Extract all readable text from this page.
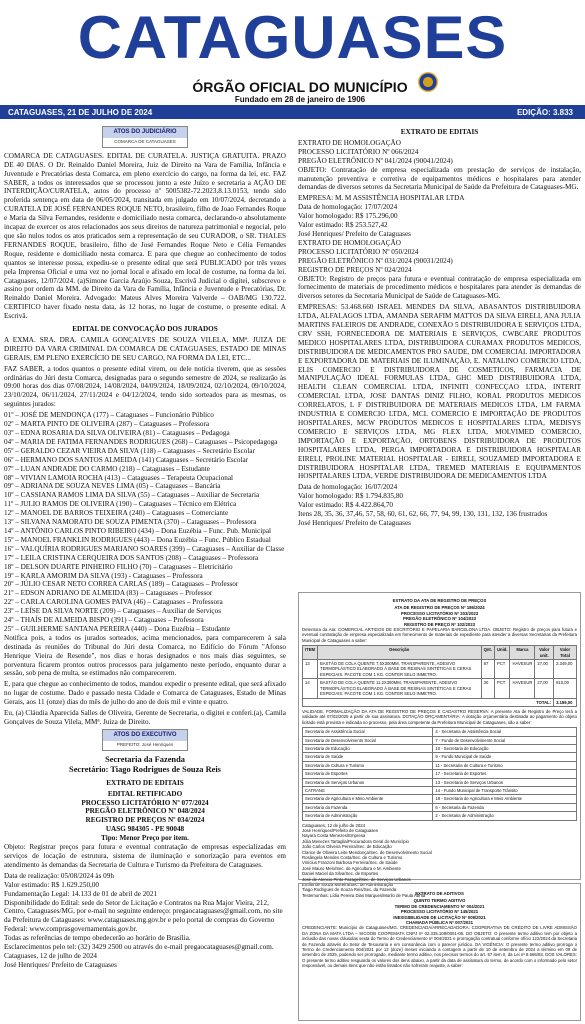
CATAGUASES
ÓRGÃO OFICIAL DO MUNICÍPIO
Fundado em 28 de janeiro de 1906
CATAGUASES, 21 DE JULHO DE 2024	EDIÇÃO: 3.833
ATOS DO JUDICIÁRIO
COMARCA DE CATAGUASES

COMARCA DE CATAGUASES. EDITAL DE CURATELA. JUSTIÇA GRATUITA. PRAZO DE 40 DIAS. O Dr. Reinaldo Daniel Moreira, Juiz de Direito na Vara de Família, Infância e Juventude e Precatórias desta Comarca, em pleno exercício do cargo, na forma da lei, etc. FAZ SABER, a todos os interessados que se processou junto a este Juízo e secretaria a AÇÃO DE INTERDIÇÃO/CURATELA, autos do processo nº 5005382-72.2023.8.13.0153, tendo sido proferida sentença em data de 06/05/2024, transitada em julgado em 10/07/2024, decretando a CURATELA DE JOSÉ FERNANDES ROQUE NETO, brasileiro, filho de Joao Fernandes Roque e Maria da Silva Fernandes, residente e domiciliado nesta comarca, declarando-o absolutamente incapaz de exercer os atos relacionados aos seus direitos de natureza patrimonial e negocial, pelo que são nulos todos os atos praticados sem a representação de seu CURADOR, o SR. THALES FERNANDES ROQUE, brasileiro, filho de José Fernandes Roque Neto e Célia Fernandes Roque, residente e domiciliado nesta comarca. E para que chegue ao conhecimento de todos quantos se interesse possa, expediu-se o presente edital que será PUBLICADO por três vezes pela Imprensa Oficial e uma vez no jornal local e afixado em local de costume, na forma da lei. Cataguases, 12/07/2024. (a)Simone Garcia Araújo Souza, Escrivã Judicial o digitei, subscrevo e assino por ordem da MM. de Direito da Vara de Família, Infância e Juventude e Precatórias, Dr. Reinaldo Daniel Moreira. Advogado: Mateus Alves Moreira Valverde – OAB/MG 130.722. CERTIFICO haver fixado nesta data, às 12 horas, no lugar de costume, o presente edital. A Escrivã.

EDITAL DE CONVOCAÇÃO DOS JURADOS

A EXMA. SRA. DRA. CAMILA GONÇALVES DE SOUZA VILELA, MMª. JUIZA DE DIREITO DA VARA CRIMINAL DA COMARCA DE CATAGUASES, ESTADO DE MINAS GERAIS, EM PLENO EXERCÍCIO DE SEU CARGO, NA FORMA DA LEI, ETC...

FAZ SABER, a todos quantos o presente edital virem, ou dele notícia tiverem, que as sessões ordinárias do Júri desta Comarca, designadas para o segundo semestre de 2024, se realizarão às 09:00 horas dos dias 07/08/2024, 14/08/2024, 04/09/2024, 18/09/2024, 02/10/2024, 09/10/2024, 23/10/2024, 06/11/2024, 27/11/2024 e 04/12/2024, tendo sido sorteados para as mesmas, os seguintes jurados:

01º – JOSÉ DE MENDONÇA (177) – Cataguases – Funcionário Público
02º – MARTA PINTO DE OLIVEIRA (287) – Cataguases – Professora
03º – EDNA ROSARIA DA SILVA OLIVEIRA (81) – Cataguases – Pedagoga
04º – MARIA DE FATIMA FERNANDES RODRIGUES (268) – Cataguases – Psicopedagoga
05º – GERALDO CEZAR VIEIRA DA SILVA (118) – Cataguases – Secretário Escolar
06º – HERMANO DOS SANTOS ALMEIDA (141) Cataguases – Secretário Escolar
07º – LUAN ANDRADE DO CARMO (218) – Cataguases – Estudante
08º – VIVIAN LAMOIA ROCHA (413) – Cataguases – Terapeuta Ocupacional
09º – ADRIANA DE SOUZA NEVES LIMA (05) – Cataguases – Bancária
10º – CASSIANA RAMOS LIMA DA SILVA (55) – Cataguases – Auxiliar de Secretaria
11º – JULIO RAMOS DE OLIVEIRA (190) – Cataguases – Técnico em Elétrica
12º – MANOEL DE BARROS TEIXEIRA (240) – Cataguases – Comerciante
13º – SILVANA NAMORATO DE SOUZA PIMENTA (370) – Cataguases – Professora
14º – ANTÔNIO CARLOS PINTO RIBEIRO (434) – Dona Euzébia – Func. Pub. Municipal
15º – MANOEL FRANKLIN RODRIGUES (443) – Dona Euzébia – Func. Público Estadual
16º – VALQUÍRIA RODRIGUES MARIANO SOARES (399) – Cataguases – Auxiliar de Classe
17º – LEILA CRISTINA CERQUEIRA DOS SANTOS (208) – Cataguases – Professora
18º – DELSON DUARTE PINHEIRO FILHO (70) – Cataguases – Eletricitário
19º – KARLA AMORIM DA SILVA (193) - Cataguases – Professora
20º – JÚLIO CESAR NETO CORREA CARLAS (189) – Cataguases – Professor
21º – EDSON ADRIANO DE ALMEIDA (83) – Cataguases – Professor
22º – CARLA CAROLINA GOMES PAIVA (46) – Cataguases – Professora
23º – LEÍSE DA SILVA NORTE (209) – Cataguases – Auxiliar de Serviços
24º – THAÍS DE ALMEIDA BISPO (391) – Cataguases – Professora
25º – GUILHERME SANTANA PEREIRA (440) – Dona Euzébia – Estudante

Notifica pois, a todos os jurados sorteados, acima mencionados, para comparecerem à sala destinada às reuniões do Tribunal do Júri desta Comarca, no Edifício do Fórum "Afonso Henrique Vieira de Resende", nos dias e horas designados e nos mais dias seguintes, se porventura ficarem prontos outros processos para julgamento neste período, enquanto durar a sessão, sob pena de multa, se estimados não comparecerem.

E, para que chegue ao conhecimento de todos, mandou expedir o presente edital, que será afixado no lugar de costume. Dado e passado nesta Cidade e Comarca de Cataguases, Estado de Minas Gerais, aos 11 (onze) dias do mês de julho do ano de dois mil e vinte e quatro.

Eu, (a) Cláudia Aparecida Salles de Oliveira, Gerente de Secretaria, o digitei e conferi.(a), Camila Gonçalves de Souza Vilela, MMª. Juiza de Direito.

ATOS DO EXECUTIVO
PREFEITO: José Henriques
Secretaria da Fazenda
Secretário: Tiago Rodrigues de Souza Reis
EXTRATO DE EDITAIS
EDITAL RETIFICADO
PROCESSO LICITATÓRIO Nº 077/2024
PREGÃO ELETRÔNICO Nº 048/2024
REGISTRO DE PREÇOS Nº 034/2024
UASG 984305 - PE 90048
Tipo: Menor Preço por item.

Objeto: Registrar preços para futura e eventual contratação de empresas especializadas em serviços de locação de estrutura, sistema de iluminação e sonorização para eventos em atendimento às demandas da Secretaria de Cultura e Turismo da Prefeitura de Cataguases.

Data de realização: 05/08/2024 às 09h
Valor estimado: R$ 1.629.250,00
Fundamentação Legal: 14.133 de 01 de abril de 2021
Disponibilidade do Edital: sede do Setor de Licitação e Contratos na Rua Major Vieira, 212, Centro, Cataguases/MG, por e-mail no seguinte endereço: pregaocataguases@gmail.com, no site da Prefeitura de Cataguases: www.cataguases.mg.gov.br e pelo portal de compras do Governo Federal: www.comprasgovernamentais.gov.br.
Todas as referências de tempo obedecerão ao horário de Brasília.
Esclarecimentos pelo tel: (32) 3429 2500 ou através do e-mail pregaocataguases@gmail.com.
Cataguases, 12 de julho de 2024
José Henriques/ Prefeito de Cataguases
EXTRATO DE EDITAIS
EXTRATO DE HOMOLOGAÇÃO
PROCESSO LICITATÓRIO Nº 066/2024
PREGÃO ELETRÔNICO Nº 041/2024 (90041/2024)

OBJETO: Contratação de empresa especializada em prestação de serviços de instalação, manutenção preventiva e corretiva de equipamentos médicos e hospitalares para atender demandas de diversos setores da Secretaria Municipal de Saúde da Prefeitura de Cataguases-MG.

EMPRESA: M. M ASSISTÊNCIA HOSPITALAR LTDA
Data de homologação: 17/07/2024
Valor homologado: R$ 175.296,00
Valor estimado: R$ 253.527,42
José Henriques/ Prefeito de Cataguases
EXTRATO DE HOMOLOGAÇÃO
PROCESSO LICITATÓRIO Nº 050/2024
PREGÃO ELETRÔNICO Nº 031/2024 (90031/2024)
REGISTRO DE PREÇOS Nº 024/2024

OBJETO: Registro de preços para futura e eventual contratação de empresa especializada em fornecimento de materiais de procedimento médicos e hospitalares para atender às demandas de diversos setores da Secretaria Municipal de Saúde de Cataguases-MG.

EMPRESAS: 53.468.660 ISRAEL MENDES DA SILVA, ABASANTOS DISTRIBUIDORA LTDA, ALFALAGOS LTDA, AMANDA SERAFIM MATTOS DA SILVA EIRELI, ANA JULIA MARTINS FALEIROS DE ANDRADE, CONEXÃO 5 DISTRIBUIDORA E SERVIÇOS LTDA, CRV SSH, FORNECEDORA DE MATERIAIS E SERVIÇOS, CWBCARE PRODUTOS MEDICO HOSPITALARES LTDA, DISTRIBUIDORA CURAMAX PRODUTOS MEDICOS, DISTRIBUIDORA DE MEDICAMENTOS PRO SAUDE, DM COMERCIAL IMPORTADORA E EXPORTADORA DE MATERIAIS DE ILUMINAÇÃO, E. NATALINO COMERCIO LTDA, ELIS COMERCIO E DISTRIBUIDORA DE COSMETICOS, FARMACIA DE MANIPULAÇÃO IDEAL FORMULAS LTDA, GHC MED DISTRIBUIDORA LTDA, HEALTH CLEAN COMERCIAL LTDA, INFINITI CONFECÇAO LTDA, INTERIT COMERCIAL LTDA, JOSE DANTAS DINIZ FILHO, KORAL PRODUTOS MEDICOS CORRELATOS, L F DISTRIBUIDORA DE MATERIAIS MEDICOS LTDA, LM FARMA INDUSTRIA E COMERCIO LTDA, MCL COMERCIO E IMPORTAÇÃO DE PRODUTOS HOSPITALARES, MCW PRODUTOS MEDICOS E HOSPITALARES LTDA, MEDISYS COMERCIO E SERVIÇOS LTDA, MG FLEX LTDA, MOLVIMED COMERCIO, IMPORTAÇÃO E EXPORTAÇÃO, ORTOBENS DISTRIBUIDORA DE PRODUTOS HOSPITALARES LTDA, PERGA IMPORTADORA E DISTRIBUIDORA HOSPITALAR EIRELI, PROLINE MATERIAL HOSPITALAR - EIRELI, SOUZAMED IMPORTADORA E DISTRIBUIDORA HOSPITALAR LTDA, TREMED MATERIAIS E EQUIPAMENTOS HOSPITALARES LTDA, VERDE DISTRIBUIDORA DE MEDICAMENTOS LTDA

Data de homologação: 16/07/2024
Valor homologado: R$ 1.794.835,80
Valor estimado: R$ 4.422.864,70
Itens 28, 35, 36, 37,46, 57, 58, 60, 61, 62, 66, 77, 94, 99, 130, 131, 132, 136 frustrados
José Henriques/ Prefeito de Cataguases
EXTRATO DA ATA DE REGISTRO DE PREÇOS
ATA DE REGISTRO DE PREÇOS Nº 186/2024
PROCESSO LICITATÓRIO Nº 203/2023
PREGÃO ELETRÔNICO Nº 104/2023
REGISTRO DE PREÇO Nº 102/2023

Detentora da Ata: COMERCIAL ARTIGOS DE ESCRITÓRIO E PAPELARIA BARCELONA LTDA. OBJETO: Registro de preços para futura e eventual contratação de empresa especializada em fornecimento de materiais de expediente para atender a diversas Secretarias da Prefeitura Municipal de Cataguases a saber:

ITEM	Descrição	Qnt.	Unid.	Marca	Valor unit.	Valor Total
13	BASTÃO DE COLA QUENTE 7,5X300MM, TRANSPARENTE, ADESIVO TERMOPLÁSTICO ELABORADO À BASE DE RESINAS SINTÉTICAS E CERAS ESPECIAIS. PACOTE COM 1 KG. CONTER SELO INMETRO.	87	PCT	HAVESUR	27,00	2.349,00
14	BASTÃO DE COLA QUENTE 11,2X300MM, TRANSPARENTE, ADESIVO TERMOPLÁSTICO ELABORADO À BASE DE RESINAS SINTÉTICAS E CERAS ESPECIAIS. PACOTE COM 1 KG. CONTER SELO INMETRO.	30	PCT	HAVESUR	27,00	810,00
TOTAL:						3.159,00

VALIDADE, FORMALIZAÇÃO DA ATA DE REGISTRO DE PREÇOS E CADASTRO RESERVA: A presente Ata de Registro de Preço terá a validade até 07/02/2025 a partir de sua assinatura. DOTAÇÃO ORÇAMENTÁRIA: A dotação orçamentária destinada ao pagamento do objeto licitado está prevista e indicada no processo, pela área competente da Prefeitura Municipal de Cataguases, são a saber:

Secretaria de Assistência Social	4 - Secretaria de Assistência Social
Secretaria de Desenvolvimento Social	7 - Fundo de Desenvolvimento Social
Secretaria de Educação	10 - Secretaria de Educação
Secretaria de Saúde	9 - Fundo Municipal de Saúde
Secretaria de Cultura e Turismo	11 - Secretaria de Cultura e Turismo
Secretaria de Esportes	17 - Secretaria de Esportes
Secretaria de Serviços Urbanos	13 - Secretaria de Serviços Urbanos
CATRANS	14 - Fundo Municipal de Transporte Trânsito
Secretaria de Agricultura e Meio Ambiente	18 - Secretaria de Agricultura e Meio Ambiente
Secretaria da Fazenda	6 - Secretaria da Fazenda
Secretaria de Administração	2 - Secretaria de Administração
Cataguases, 12 de julho de 2024
José Henriques/Prefeito de Cataguases
Nayara Costa Menezes/Empresa
Júlia Menezes Tartaglia/Procuradora Geral do Município
João Carlos Oliveira Pereira/Sec. de Educação
Clarice de Oliveira Leite Mendonça/Sec. de Desenvolvimento Social
Rosângela Mendes Costa/Sec. de Cultura e Turismo
Vinícius Franzoni Barbosa Ferreira/Sec. de Saúde
José Mauro Melo/Sec. de Agricultura e M. Ambiente
Daniel Maciel da Silva/Sec. de Esportes
José de Atencio Pinto Fazagel/Sec. de Serviços Urbanos
Emília de Souza Moreira/Sec. de Administração
Tiago Rodrigues de Souza Reis/Sec. da Fazenda
Testemunhas: Lídia Pereira Dias Marques/Murilo de Paula Abrita
EXTRATO DE ADITIVOS
QUINTO TERMO ADITIVO
TERMO DE CREDENCIAMENTO Nº 004/2021
PROCESSO LICITATÓRIO Nº 145/2021
INEXIGIBILIDADE DE LICITAÇÃO Nº 009/2021
CHAMADA PÚBLICA Nº 007/2021

CREDENCIANTE: Município de Cataguases/MG. CREDENCIADA/ARRECADADORA: COOPERATIVA DE CRÉDITO DE LIVRE ADMISSÃO DA ZONA DA MATA LTDA – SICOOB COOPEMATA CNPJ nº 02.335.109/0001-05. DO OBJETO: O presente termo aditivo tem por objeto a inclusão das novas cláusulas sexta do Termo de Credenciamento nº 004/2021 e prorrogação contratual conforme ofício 122/2024 da Secretaria de Fazenda através do Setor de Tesouraria e em consonância com o parecer jurídico. DA VIGÊNCIA: O presente termo aditivo prorroga o Termo de Credenciamento 004/2021 por 12 (doze) meses iniciando a contagem a partir de 10 de setembro de 2024 a término em 09 de setembro de 2025, podendo ser prorrogado, mediante termo aditivo, nos precisos termos do art. 57 item II, da Lei nº 8.666/93. DOS VALORES: O presente termo aditivo resguarda os valores dos itens abaixo, a partir da data de assinatura do termo, de acordo com o informado pelo setor responsável, ou demais itens que não estão listados não sofreram reajuste, a saber:
